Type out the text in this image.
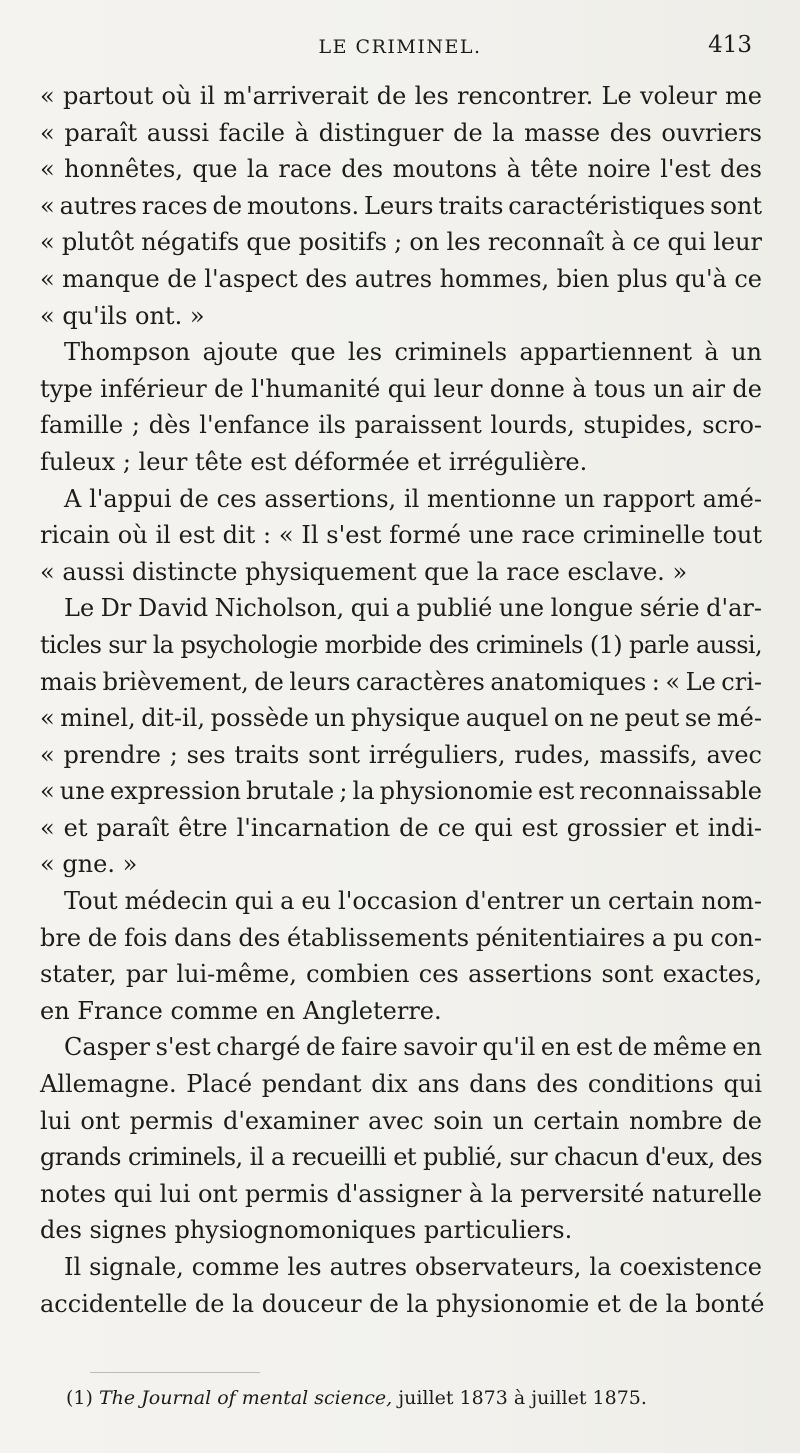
LE CRIMINEL.	413
« partout où il m'arriverait de les rencontrer. Le voleur me
« paraît aussi facile à distinguer de la masse des ouvriers
« honnêtes, que la race des moutons à tête noire l'est des
« autres races de moutons. Leurs traits caractéristiques sont
« plutôt négatifs que positifs ; on les reconnaît à ce qui leur
« manque de l'aspect des autres hommes, bien plus qu'à ce
« qu'ils ont. »
Thompson ajoute que les criminels appartiennent à un
type inférieur de l'humanité qui leur donne à tous un air de
famille ; dès l'enfance ils paraissent lourds, stupides, scro-
fuleux ; leur tête est déformée et irrégulière.
A l'appui de ces assertions, il mentionne un rapport amé-
ricain où il est dit : « Il s'est formé une race criminelle tout
« aussi distincte physiquement que la race esclave. »
Le Dr David Nicholson, qui a publié une longue série d'ar-
ticles sur la psychologie morbide des criminels (1) parle aussi,
mais brièvement, de leurs caractères anatomiques : « Le cri-
« minel, dit-il, possède un physique auquel on ne peut se mé-
« prendre ; ses traits sont irréguliers, rudes, massifs, avec
« une expression brutale ; la physionomie est reconnaissable
« et paraît être l'incarnation de ce qui est grossier et indi-
« gne. »
Tout médecin qui a eu l'occasion d'entrer un certain nom-
bre de fois dans des établissements pénitentiaires a pu con-
stater, par lui-même, combien ces assertions sont exactes,
en France comme en Angleterre.
Casper s'est chargé de faire savoir qu'il en est de même en
Allemagne. Placé pendant dix ans dans des conditions qui
lui ont permis d'examiner avec soin un certain nombre de
grands criminels, il a recueilli et publié, sur chacun d'eux, des
notes qui lui ont permis d'assigner à la perversité naturelle
des signes physiognomoniques particuliers.
Il signale, comme les autres observateurs, la coexistence
accidentelle de la douceur de la physionomie et de la bonté
(1) The Journal of mental science, juillet 1873 à juillet 1875.
